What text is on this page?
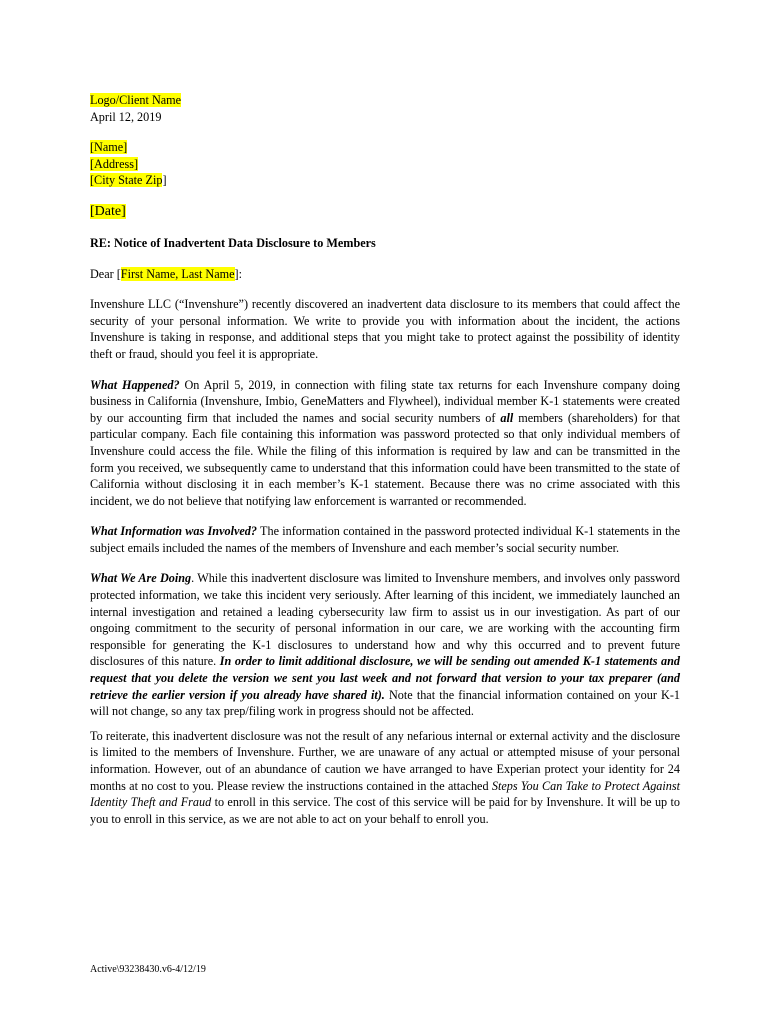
Logo/Client Name
April 12, 2019
[Name]
[Address]
[City State Zip]
[Date]
RE: Notice of Inadvertent Data Disclosure to Members
Dear [First Name, Last Name]:

Invenshure LLC (“Invenshure”) recently discovered an inadvertent data disclosure to its members that could affect the security of your personal information. We write to provide you with information about the incident, the actions Invenshure is taking in response, and additional steps that you might take to protect against the possibility of identity theft or fraud, should you feel it is appropriate.

What Happened? On April 5, 2019, in connection with filing state tax returns for each Invenshure company doing business in California (Invenshure, Imbio, GeneMatters and Flywheel), individual member K-1 statements were created by our accounting firm that included the names and social security numbers of all members (shareholders) for that particular company. Each file containing this information was password protected so that only individual members of Invenshure could access the file. While the filing of this information is required by law and can be transmitted in the form you received, we subsequently came to understand that this information could have been transmitted to the state of California without disclosing it in each member’s K-1 statement. Because there was no crime associated with this incident, we do not believe that notifying law enforcement is warranted or recommended.

What Information was Involved? The information contained in the password protected individual K-1 statements in the subject emails included the names of the members of Invenshure and each member’s social security number.

What We Are Doing. While this inadvertent disclosure was limited to Invenshure members, and involves only password protected information, we take this incident very seriously. After learning of this incident, we immediately launched an internal investigation and retained a leading cybersecurity law firm to assist us in our investigation. As part of our ongoing commitment to the security of personal information in our care, we are working with the accounting firm responsible for generating the K-1 disclosures to understand how and why this occurred and to prevent future disclosures of this nature. In order to limit additional disclosure, we will be sending out amended K-1 statements and request that you delete the version we sent you last week and not forward that version to your tax preparer (and retrieve the earlier version if you already have shared it). Note that the financial information contained on your K-1 will not change, so any tax prep/filing work in progress should not be affected.

To reiterate, this inadvertent disclosure was not the result of any nefarious internal or external activity and the disclosure is limited to the members of Invenshure. Further, we are unaware of any actual or attempted misuse of your personal information. However, out of an abundance of caution we have arranged to have Experian protect your identity for 24 months at no cost to you. Please review the instructions contained in the attached Steps You Can Take to Protect Against Identity Theft and Fraud to enroll in this service. The cost of this service will be paid for by Invenshure. It will be up to you to enroll in this service, as we are not able to act on your behalf to enroll you.

Active\93238430.v6-4/12/19
